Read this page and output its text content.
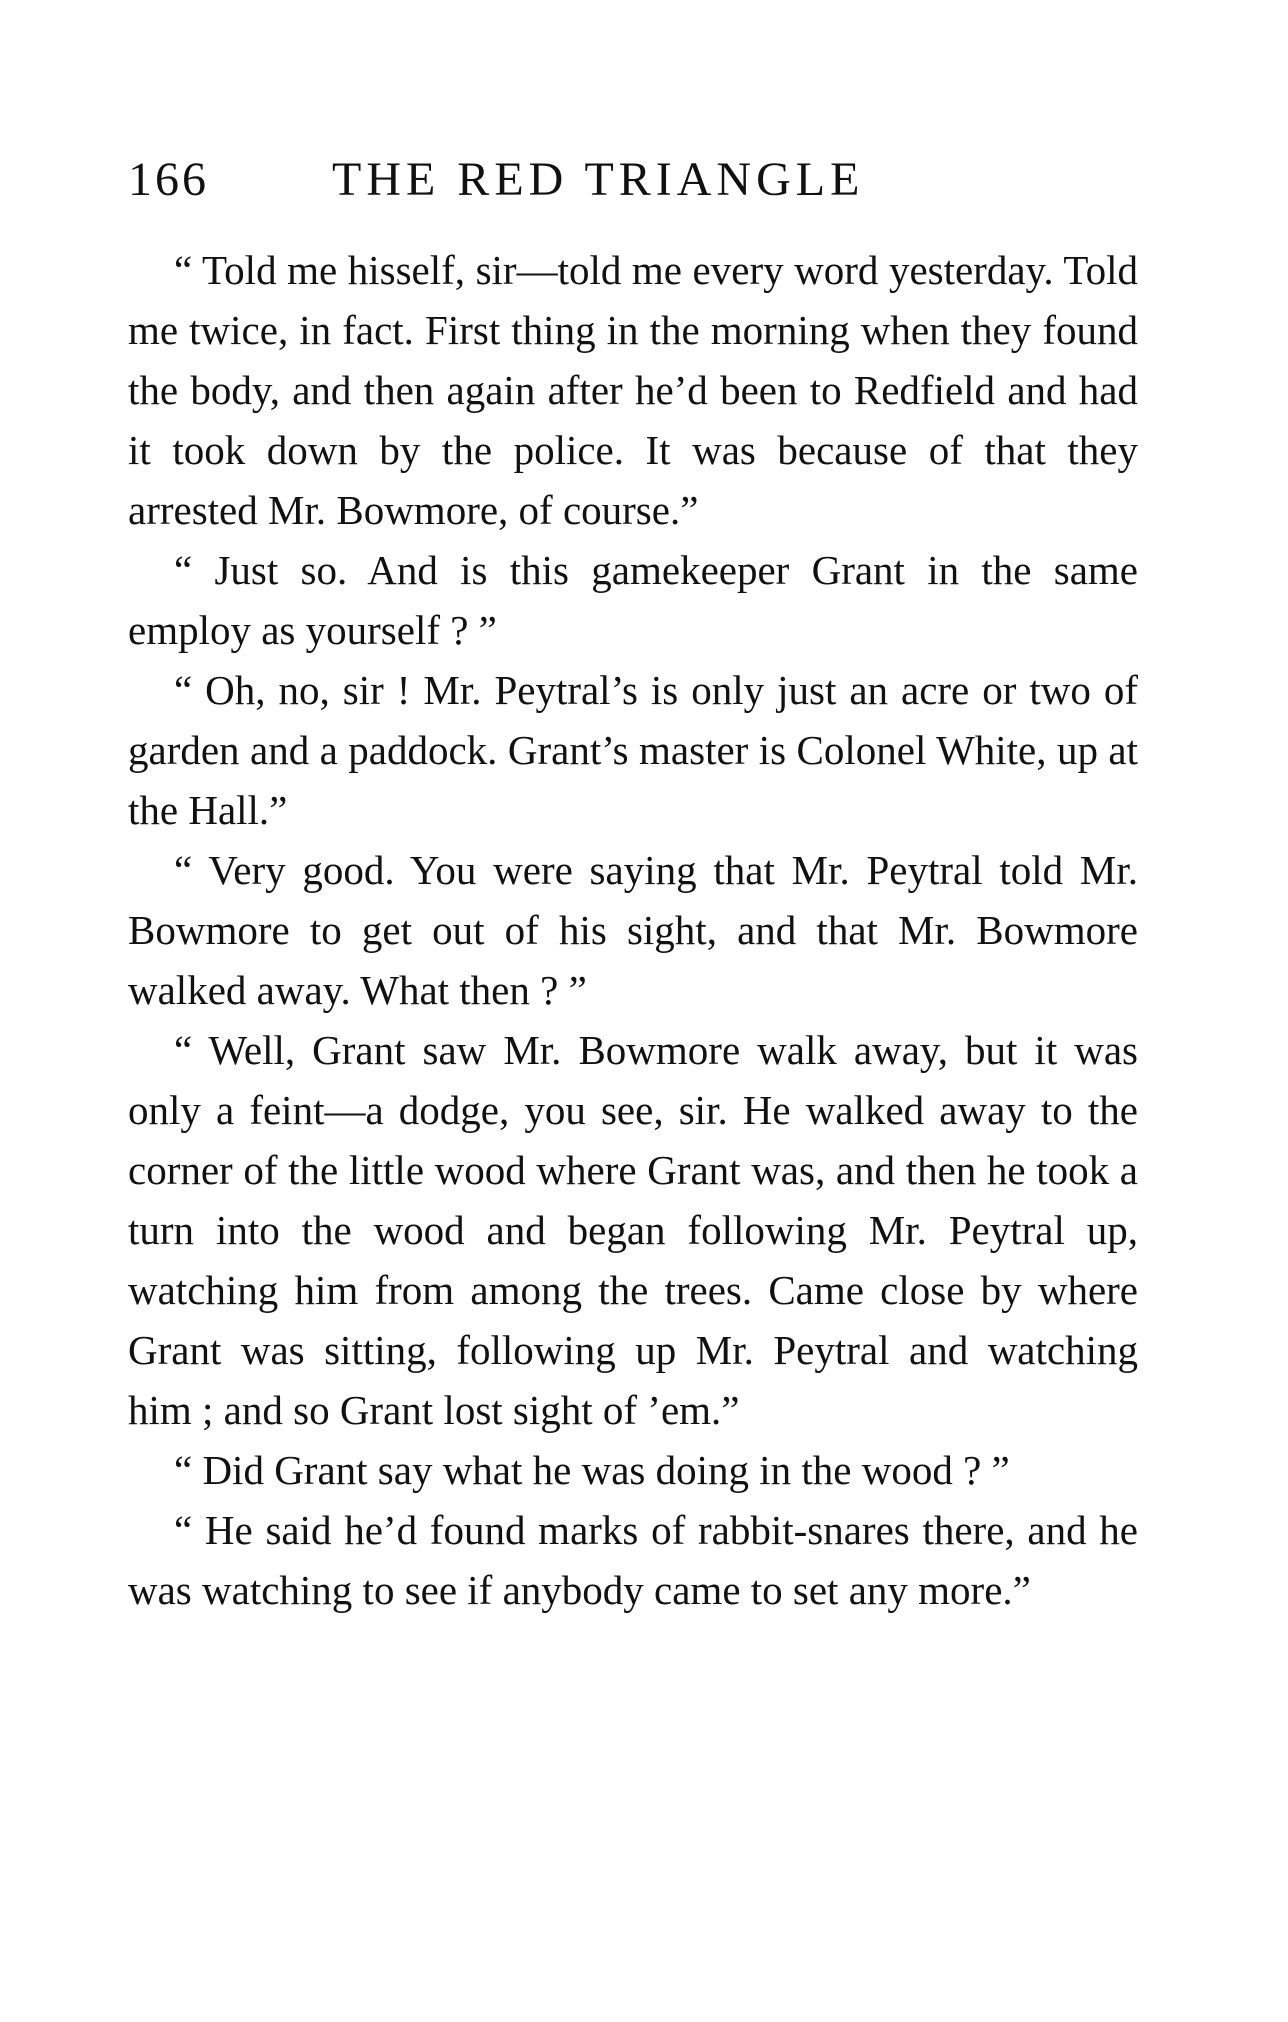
166	THE RED TRIANGLE

“ Told me hisself, sir—told me every word yesterday. Told me twice, in fact. First thing in the morning when they found the body, and then again after he’d been to Redfield and had it took down by the police. It was because of that they arrested Mr. Bowmore, of course.”

“ Just so. And is this gamekeeper Grant in the same employ as yourself ? ”

“ Oh, no, sir ! Mr. Peytral’s is only just an acre or two of garden and a paddock. Grant’s master is Colonel White, up at the Hall.”

“ Very good. You were saying that Mr. Peytral told Mr. Bowmore to get out of his sight, and that Mr. Bowmore walked away. What then ? ”

“ Well, Grant saw Mr. Bowmore walk away, but it was only a feint—a dodge, you see, sir. He walked away to the corner of the little wood where Grant was, and then he took a turn into the wood and began following Mr. Peytral up, watching him from among the trees. Came close by where Grant was sitting, following up Mr. Peytral and watching him ; and so Grant lost sight of ’em.”

“ Did Grant say what he was doing in the wood ? ”

“ He said he’d found marks of rabbit-snares there, and he was watching to see if anybody came to set any more.”
